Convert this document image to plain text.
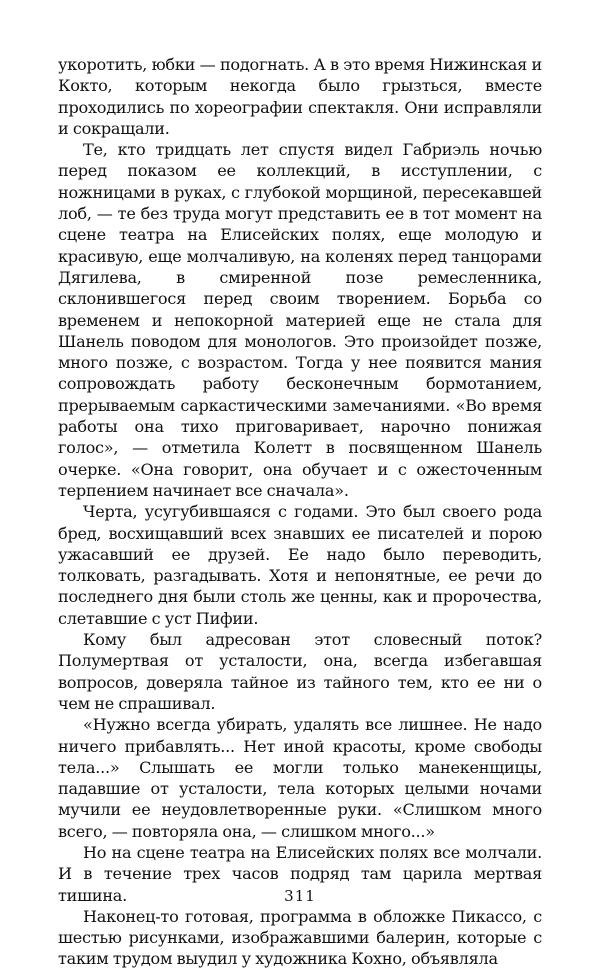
укоротить, юбки — подогнать. А в это время Нижинская и Кокто, которым некогда было грызться, вместе проходились по хореографии спектакля. Они исправляли и сокращали.

Те, кто тридцать лет спустя видел Габриэль ночью перед показом ее коллекций, в исступлении, с ножницами в руках, с глубокой морщиной, пересекавшей лоб, — те без труда могут представить ее в тот момент на сцене театра на Елисейских полях, еще молодую и красивую, еще молчаливую, на коленях перед танцорами Дягилева, в смиренной позе ремесленника, склонившегося перед своим творением. Борьба со временем и непокорной материей еще не стала для Шанель поводом для монологов. Это произойдет позже, много позже, с возрастом. Тогда у нее появится мания сопровождать работу бесконечным бормотанием, прерываемым саркастическими замечаниями. «Во время работы она тихо приговаривает, нарочно понижая голос», — отметила Колетт в посвященном Шанель очерке. «Она говорит, она обучает и с ожесточенным терпением начинает все сначала».

Черта, усугубившаяся с годами. Это был своего рода бред, восхищавший всех знавших ее писателей и порою ужасавший ее друзей. Ее надо было переводить, толковать, разгадывать. Хотя и непонятные, ее речи до последнего дня были столь же ценны, как и пророчества, слетавшие с уст Пифии.

Кому был адресован этот словесный поток? Полумертвая от усталости, она, всегда избегавшая вопросов, доверяла тайное из тайного тем, кто ее ни о чем не спрашивал.

«Нужно всегда убирать, удалять все лишнее. Не надо ничего прибавлять... Нет иной красоты, кроме свободы тела...» Слышать ее могли только манекенщицы, падавшие от усталости, тела которых целыми ночами мучили ее неудовлетворенные руки. «Слишком много всего, — повторяла она, — слишком много...»

Но на сцене театра на Елисейских полях все молчали. И в течение трех часов подряд там царила мертвая тишина.

Наконец-то готовая, программа в обложке Пикассо, с шестью рисунками, изображавшими балерин, которые с таким трудом выудил у художника Кохно, объявляла

311
